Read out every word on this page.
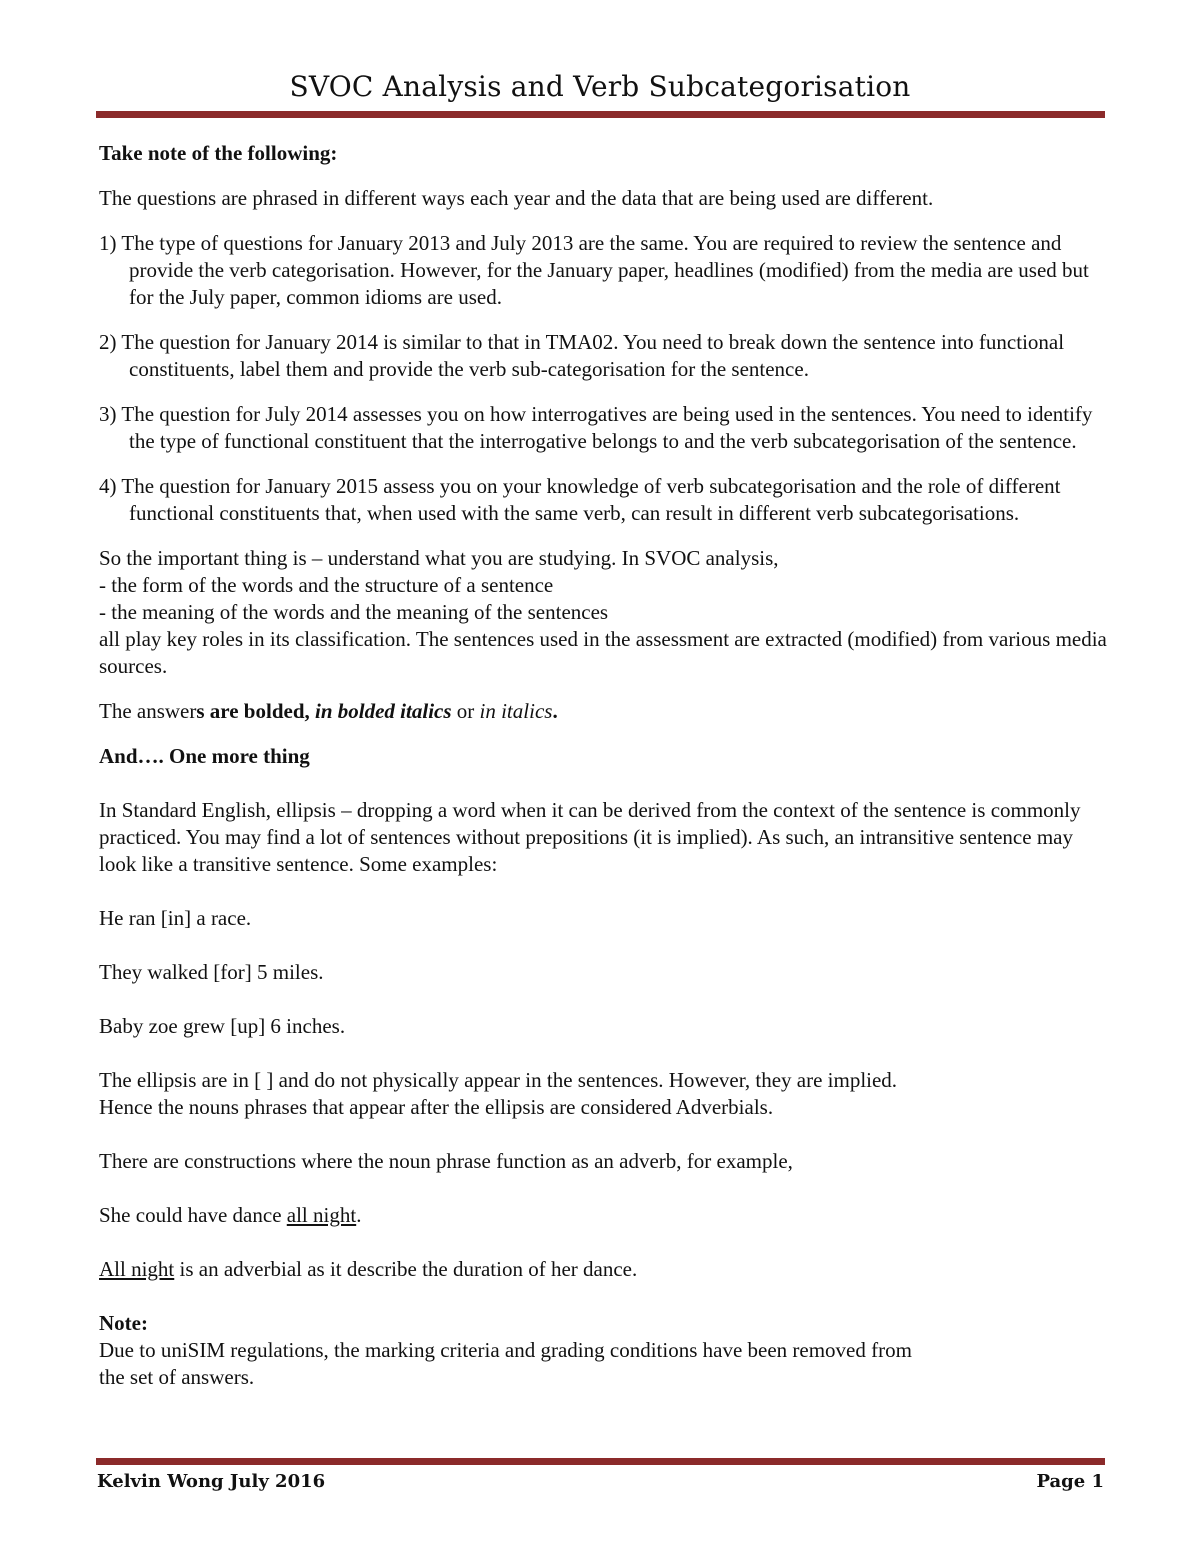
SVOC Analysis and Verb Subcategorisation

Take note of the following:

The questions are phrased in different ways each year and the data that are being used are different.

1) The type of questions for January 2013 and July 2013 are the same. You are required to review the sentence and provide the verb categorisation. However, for the January paper, headlines (modified) from the media are used but for the July paper, common idioms are used.

2) The question for January 2014 is similar to that in TMA02. You need to break down the sentence into functional constituents, label them and provide the verb sub-categorisation for the sentence.

3) The question for July 2014 assesses you on how interrogatives are being used in the sentences. You need to identify the type of functional constituent that the interrogative belongs to and the verb subcategorisation of the sentence.

4) The question for January 2015 assess you on your knowledge of verb subcategorisation and the role of different functional constituents that, when used with the same verb, can result in different verb subcategorisations.

So the important thing is – understand what you are studying. In SVOC analysis,
- the form of the words and the structure of a sentence
- the meaning of the words and the meaning of the sentences
all play key roles in its classification. The sentences used in the assessment are extracted (modified) from various media sources.

The answers are bolded, in bolded italics or in italics.

And…. One more thing

In Standard English, ellipsis – dropping a word when it can be derived from the context of the sentence is commonly practiced. You may find a lot of sentences without prepositions (it is implied). As such, an intransitive sentence may look like a transitive sentence. Some examples:

He ran [in] a race.

They walked [for] 5 miles.

Baby zoe grew [up] 6 inches.

The ellipsis are in [ ] and do not physically appear in the sentences. However, they are implied.
Hence the nouns phrases that appear after the ellipsis are considered Adverbials.

There are constructions where the noun phrase function as an adverb, for example,

She could have dance all night.

All night is an adverbial as it describe the duration of her dance.

Note:
Due to uniSIM regulations, the marking criteria and grading conditions have been removed from
the set of answers.

Kelvin Wong July 2016	Page 1
